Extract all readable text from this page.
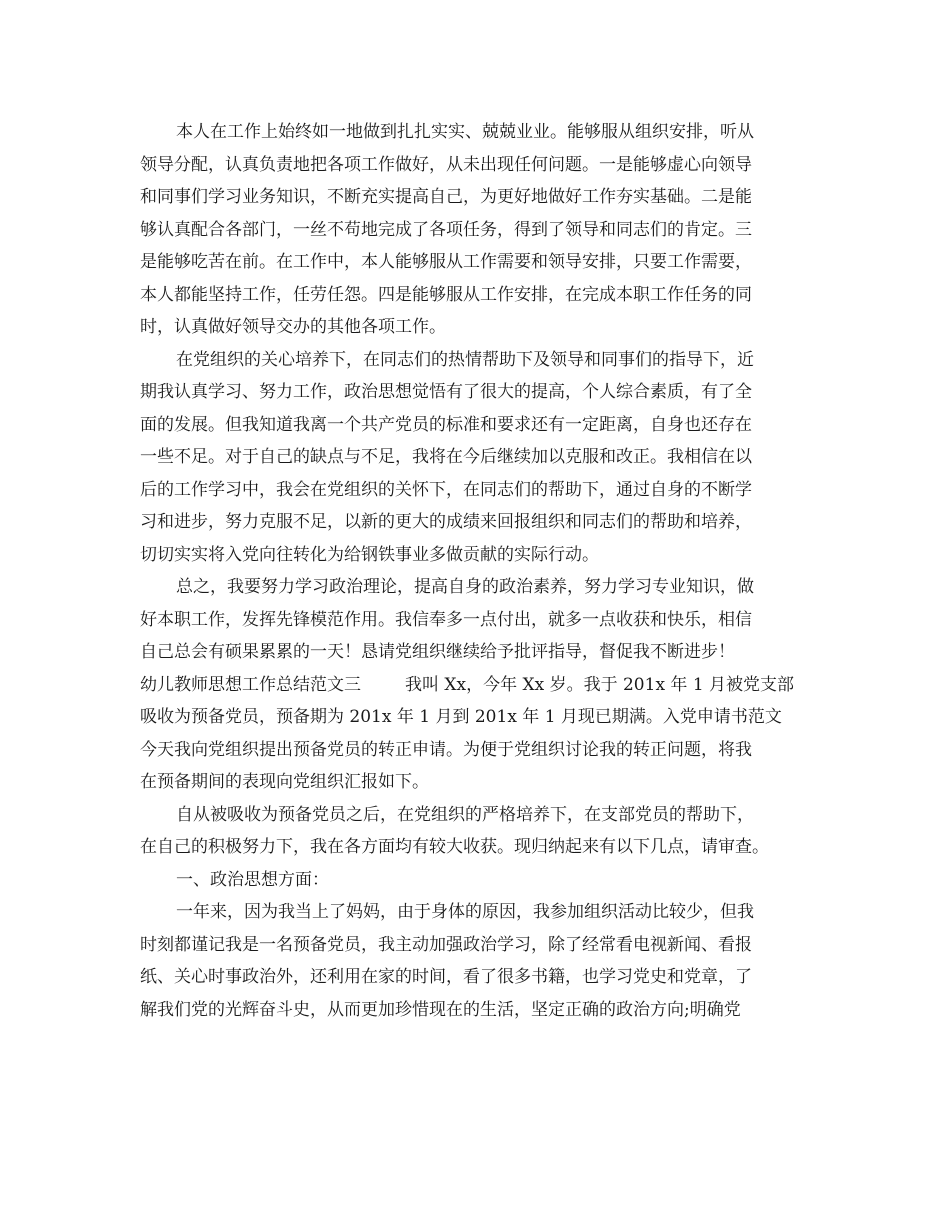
本人在工作上始终如一地做到扎扎实实、兢兢业业。能够服从组织安排，听从
领导分配，认真负责地把各项工作做好，从未出现任何问题。一是能够虚心向领导
和同事们学习业务知识，不断充实提高自己，为更好地做好工作夯实基础。二是能
够认真配合各部门，一丝不苟地完成了各项任务，得到了领导和同志们的肯定。三
是能够吃苦在前。在工作中，本人能够服从工作需要和领导安排，只要工作需要，
本人都能坚持工作，任劳任怨。四是能够服从工作安排，在完成本职工作任务的同
时，认真做好领导交办的其他各项工作。
在党组织的关心培养下，在同志们的热情帮助下及领导和同事们的指导下，近
期我认真学习、努力工作，政治思想觉悟有了很大的提高，个人综合素质，有了全
面的发展。但我知道我离一个共产党员的标准和要求还有一定距离，自身也还存在
一些不足。对于自己的缺点与不足，我将在今后继续加以克服和改正。我相信在以
后的工作学习中，我会在党组织的关怀下，在同志们的帮助下，通过自身的不断学
习和进步，努力克服不足，以新的更大的成绩来回报组织和同志们的帮助和培养，
切切实实将入党向往转化为给钢铁事业多做贡献的实际行动。
总之，我要努力学习政治理论，提高自身的政治素养，努力学习专业知识，做
好本职工作，发挥先锋模范作用。我信奉多一点付出，就多一点收获和快乐，相信
自己总会有硕果累累的一天！恳请党组织继续给予批评指导，督促我不断进步！
幼儿教师思想工作总结范文三	我叫 Xx，今年 Xx 岁。我于 201x 年 1 月被党支部
吸收为预备党员，预备期为 201x 年 1 月到 201x 年 1 月现已期满。入党申请书范文
今天我向党组织提出预备党员的转正申请。为便于党组织讨论我的转正问题，将我
在预备期间的表现向党组织汇报如下。
自从被吸收为预备党员之后，在党组织的严格培养下，在支部党员的帮助下，
在自己的积极努力下，我在各方面均有较大收获。现归纳起来有以下几点，请审查。
一、政治思想方面：
一年来，因为我当上了妈妈，由于身体的原因，我参加组织活动比较少，但我
时刻都谨记我是一名预备党员，我主动加强政治学习，除了经常看电视新闻、看报
纸、关心时事政治外，还利用在家的时间，看了很多书籍，也学习党史和党章，了
解我们党的光辉奋斗史，从而更加珍惜现在的生活，坚定正确的政治方向;明确党
